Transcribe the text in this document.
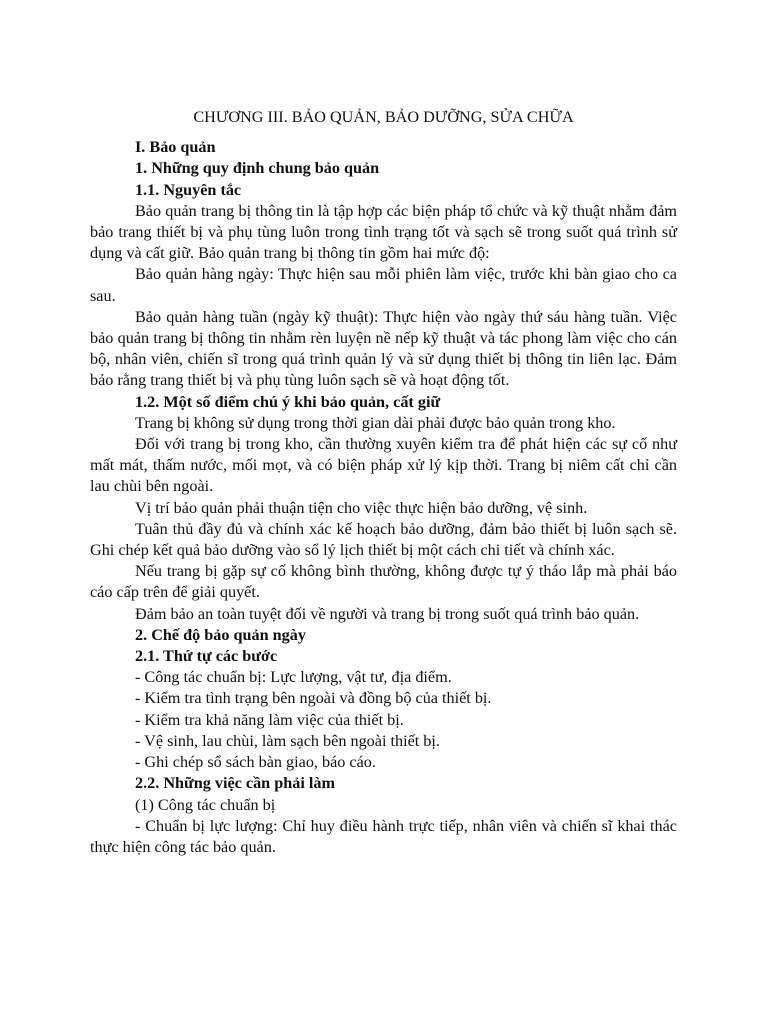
CHƯƠNG III. BẢO QUẢN, BẢO DƯỠNG, SỬA CHỮA

I. Bảo quản

1. Những quy định chung bảo quản

1.1. Nguyên tắc

Bảo quản trang bị thông tin là tập hợp các biện pháp tổ chức và kỹ thuật nhằm đảm bảo trang thiết bị và phụ tùng luôn trong tình trạng tốt và sạch sẽ trong suốt quá trình sử dụng và cất giữ. Bảo quản trang bị thông tin gồm hai mức độ:

Bảo quản hàng ngày: Thực hiện sau mỗi phiên làm việc, trước khi bàn giao cho ca sau.

Bảo quản hàng tuần (ngày kỹ thuật): Thực hiện vào ngày thứ sáu hàng tuần. Việc bảo quản trang bị thông tin nhằm rèn luyện nề nếp kỹ thuật và tác phong làm việc cho cán bộ, nhân viên, chiến sĩ trong quá trình quản lý và sử dụng thiết bị thông tin liên lạc. Đảm bảo rằng trang thiết bị và phụ tùng luôn sạch sẽ và hoạt động tốt.

1.2. Một số điểm chú ý khi bảo quản, cất giữ

Trang bị không sử dụng trong thời gian dài phải được bảo quản trong kho.

Đối với trang bị trong kho, cần thường xuyên kiểm tra để phát hiện các sự cố như mất mát, thấm nước, mối mọt, và có biện pháp xử lý kịp thời. Trang bị niêm cất chỉ cần lau chùi bên ngoài.

Vị trí bảo quản phải thuận tiện cho việc thực hiện bảo dưỡng, vệ sinh.

Tuân thủ đầy đủ và chính xác kế hoạch bảo dưỡng, đảm bảo thiết bị luôn sạch sẽ. Ghi chép kết quả bảo dưỡng vào sổ lý lịch thiết bị một cách chi tiết và chính xác.

Nếu trang bị gặp sự cố không bình thường, không được tự ý tháo lắp mà phải báo cáo cấp trên để giải quyết.

Đảm bảo an toàn tuyệt đối về người và trang bị trong suốt quá trình bảo quản.

2. Chế độ bảo quản ngày

2.1. Thứ tự các bước

- Công tác chuẩn bị: Lực lượng, vật tư, địa điểm.

- Kiểm tra tình trạng bên ngoài và đồng bộ của thiết bị.

- Kiểm tra khả năng làm việc của thiết bị.

- Vệ sinh, lau chùi, làm sạch bên ngoài thiết bị.

- Ghi chép sổ sách bàn giao, báo cáo.

2.2. Những việc cần phải làm

(1) Công tác chuẩn bị

- Chuẩn bị lực lượng: Chỉ huy điều hành trực tiếp, nhân viên và chiến sĩ khai thác thực hiện công tác bảo quản.
